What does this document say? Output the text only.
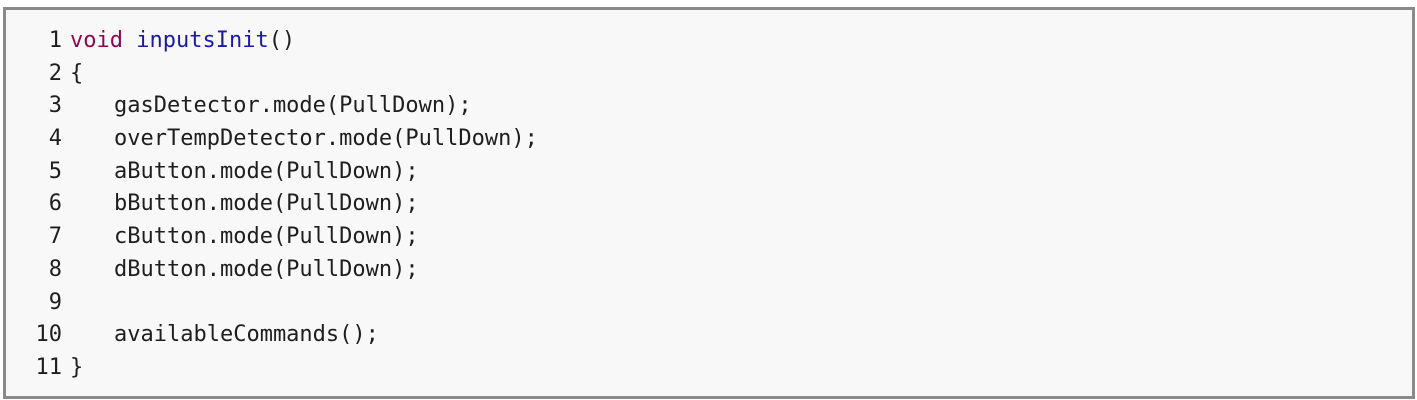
1 void inputsInit()
2 {
3	gasDetector.mode(PullDown);
4	overTempDetector.mode(PullDown);
5	aButton.mode(PullDown);
6	bButton.mode(PullDown);
7	cButton.mode(PullDown);
8	dButton.mode(PullDown);
9
10	availableCommands();
11 }
